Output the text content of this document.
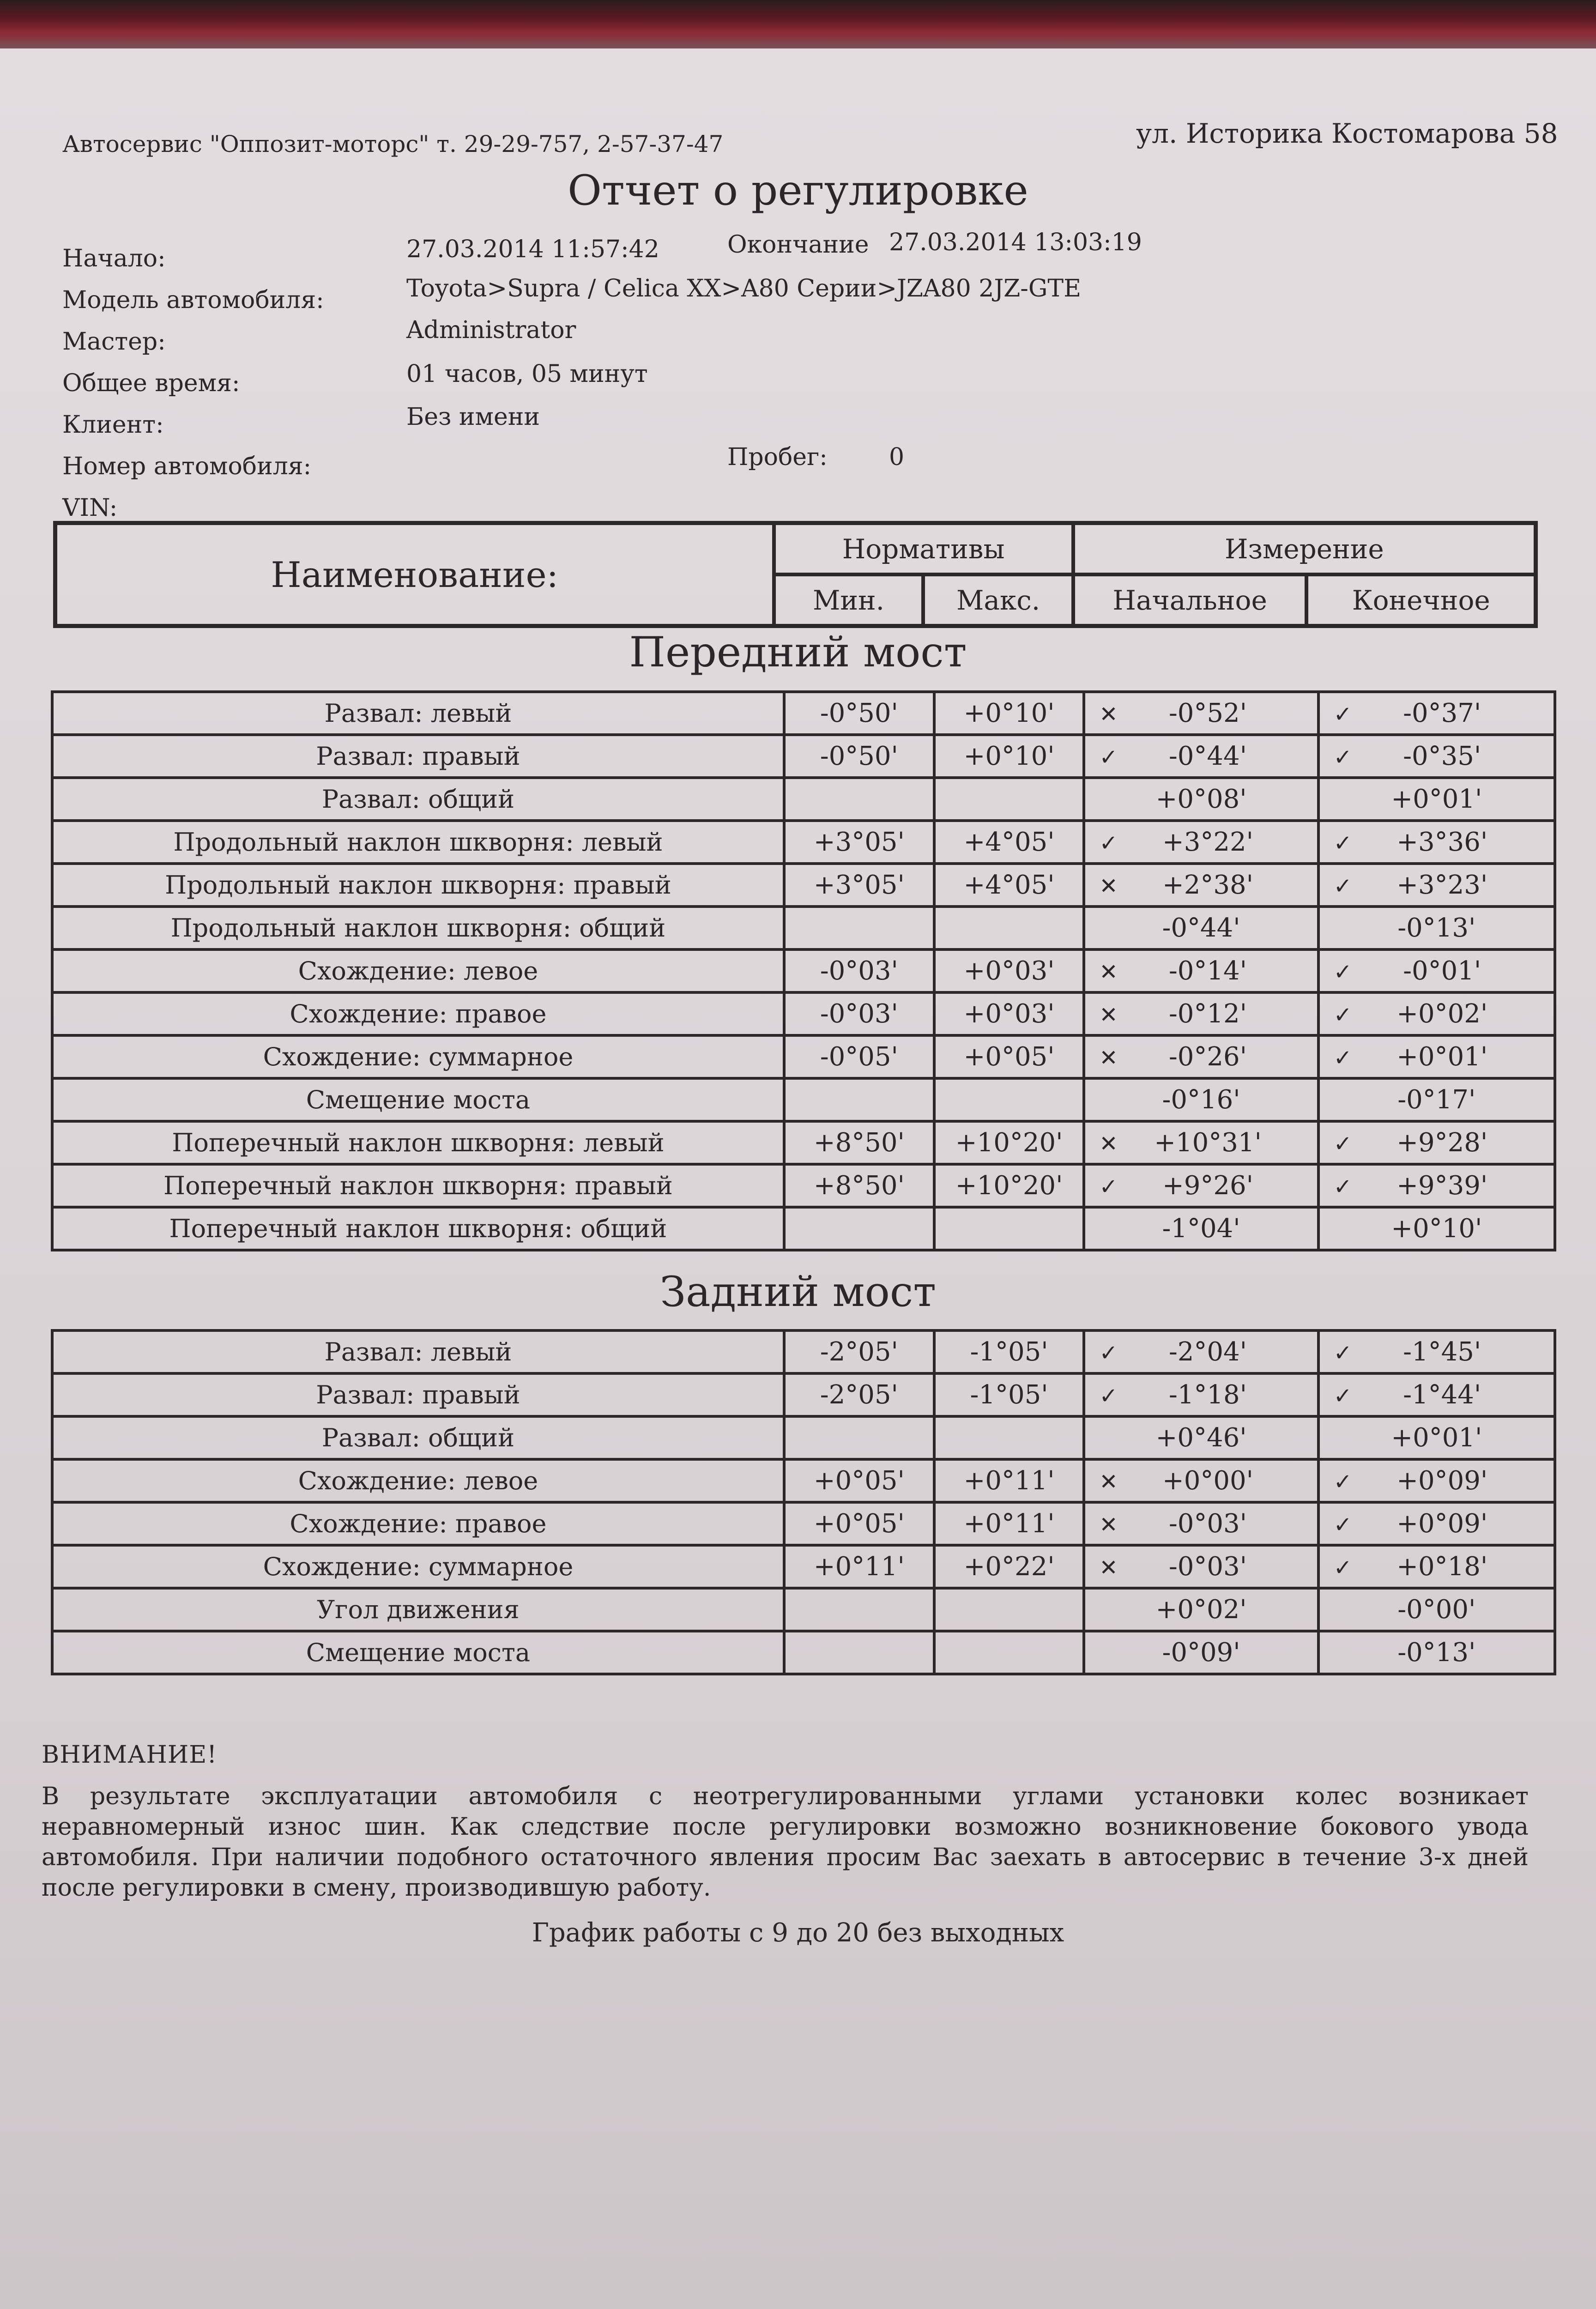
Автосервис "Оппозит-моторс" т. 29-29-757, 2-57-37-47	ул. Историка Костомарова 58
Отчет о регулировке
Начало:	27.03.2014 11:57:42	Окончание 27.03.2014 13:03:19
Модель автомобиля:	Toyota>Supra / Celica XX>A80 Серии>JZA80 2JZ-GTE
Мастер:	Administrator
Общее время:	01 часов, 05 минут
Клиент:	Без имени
Номер автомобиля:	Пробег:	0
VIN:
Наименование:	Нормативы		Измерение	
	Мин.	Макс.	Начальное	Конечное
Передний мост
Развал: левый	-0°50'	+0°10'	✕ -0°52'	✓ -0°37'
Развал: правый	-0°50'	+0°10'	✓ -0°44'	✓ -0°35'
Развал: общий			+0°08'	+0°01'

Продольный наклон шкворня: левый	+3°05'	+4°05'	✓ +3°22'	✓ +3°36'
Продольный наклон шкворня: правый	+3°05'	+4°05'	✕ +2°38'	✓ +3°23'
Продольный наклон шкворня: общий			-0°44'	-0°13'

Схождение: левое	-0°03'	+0°03'	✕ -0°14'	✓ -0°01'
Схождение: правое	-0°03'	+0°03'	✕ -0°12'	✓ +0°02'
Схождение: суммарное	-0°05'	+0°05'	✕ -0°26'	✓ +0°01'
Смещение моста			-0°16'	-0°17'

Поперечный наклон шкворня: левый	+8°50'	+10°20'	✕ +10°31'	✓ +9°28'
Поперечный наклон шкворня: правый	+8°50'	+10°20'	✓ +9°26'	✓ +9°39'
Поперечный наклон шкворня: общий			-1°04'	+0°10'
Задний мост
Развал: левый	-2°05'	-1°05'	✓ -2°04'	✓ -1°45'
Развал: правый	-2°05'	-1°05'	✓ -1°18'	✓ -1°44'
Развал: общий			+0°46'	+0°01'

Схождение: левое	+0°05'	+0°11'	✕ +0°00'	✓ +0°09'
Схождение: правое	+0°05'	+0°11'	✕ -0°03'	✓ +0°09'
Схождение: суммарное	+0°11'	+0°22'	✕ -0°03'	✓ +0°18'
Угол движения			+0°02'	-0°00'

Смещение моста			-0°09'	-0°13'
ВНИМАНИЕ!
В результате эксплуатации автомобиля с неотрегулированными углами установки колес возникает неравномерный износ шин. Как следствие после регулировки возможно возникновение бокового увода автомобиля. При наличии подобного остаточного явления просим Вас заехать в автосервис в течение 3-х дней после регулировки в смену, производившую работу.
График работы с 9 до 20 без выходных
